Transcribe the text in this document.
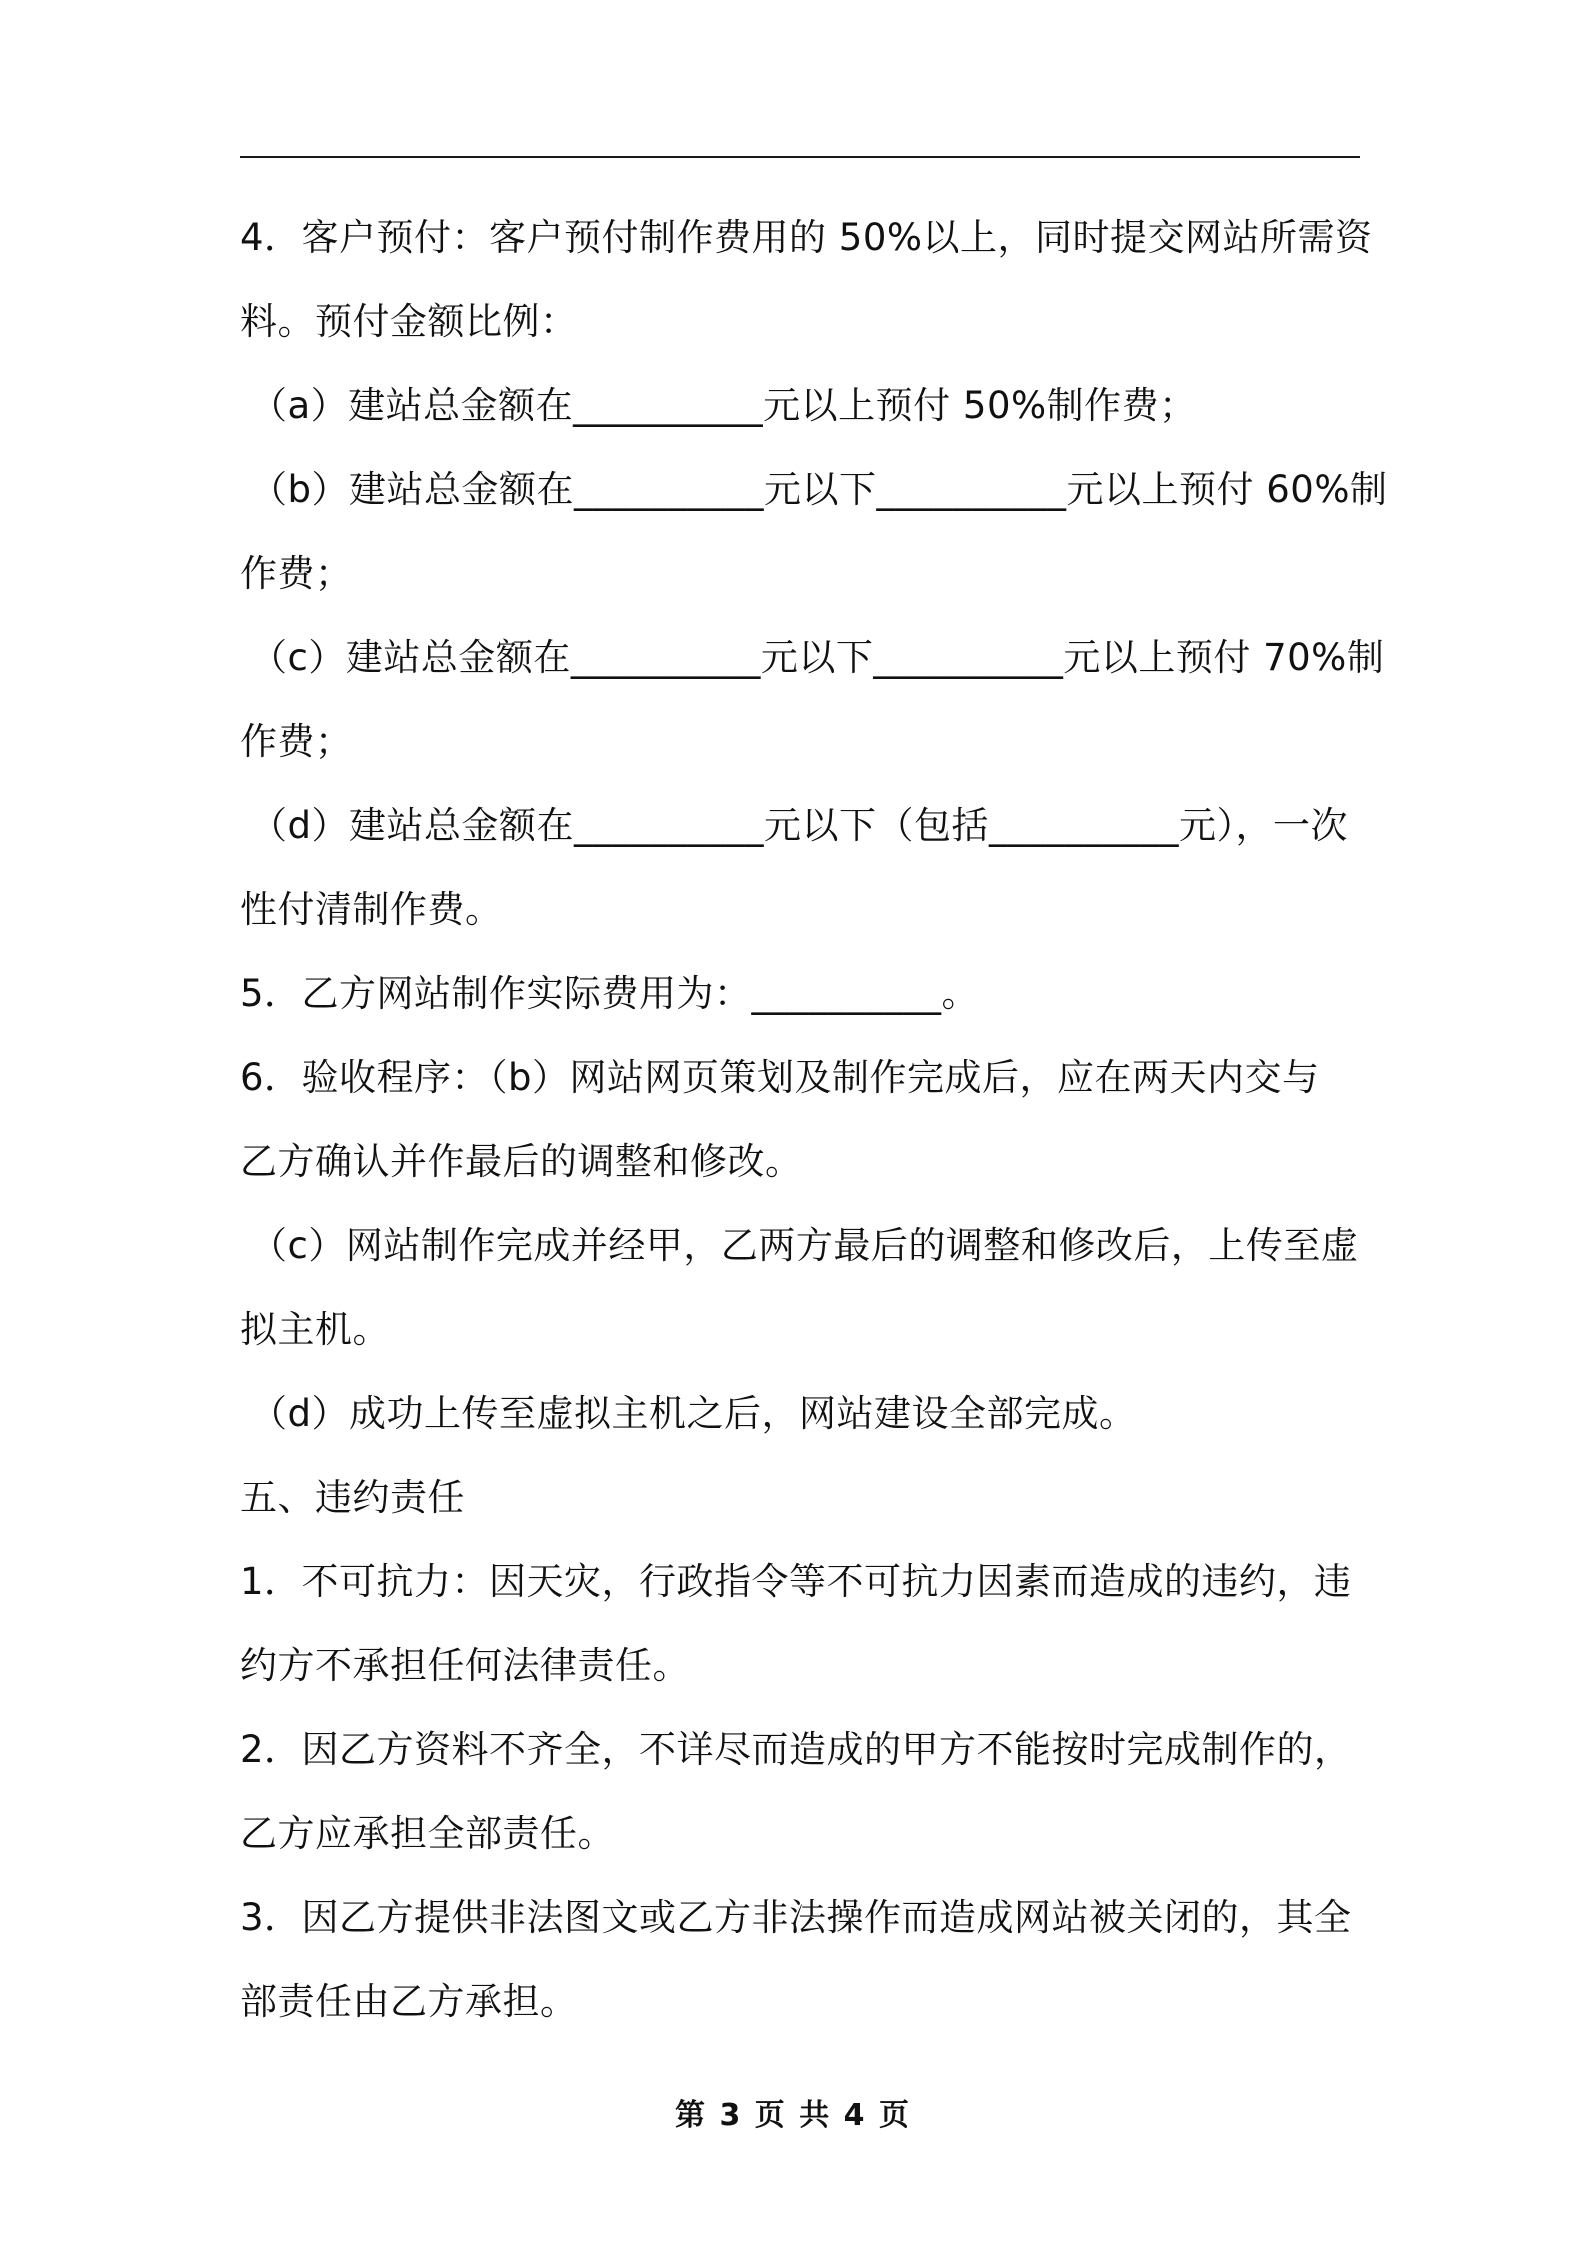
4．客户预付：客户预付制作费用的 50%以上，同时提交网站所需资

料。预付金额比例：

（a）建站总金额在__________元以上预付 50%制作费；

（b）建站总金额在__________元以下__________元以上预付 60%制

作费；

（c）建站总金额在__________元以下__________元以上预付 70%制

作费；

（d）建站总金额在__________元以下（包括__________元），一次

性付清制作费。

5．乙方网站制作实际费用为：__________。

6．验收程序：（b）网站网页策划及制作完成后，应在两天内交与

乙方确认并作最后的调整和修改。

（c）网站制作完成并经甲，乙两方最后的调整和修改后，上传至虚

拟主机。

（d）成功上传至虚拟主机之后，网站建设全部完成。

五、违约责任

1．不可抗力：因天灾，行政指令等不可抗力因素而造成的违约，违

约方不承担任何法律责任。

2．因乙方资料不齐全，不详尽而造成的甲方不能按时完成制作的，

乙方应承担全部责任。

3．因乙方提供非法图文或乙方非法操作而造成网站被关闭的，其全

部责任由乙方承担。

第 3 页 共 4 页
